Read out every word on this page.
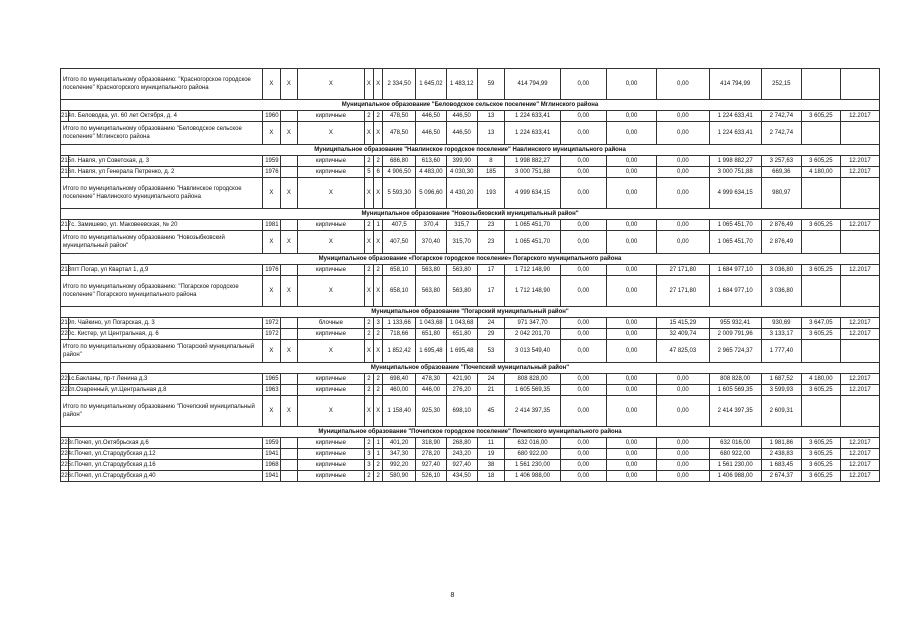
Итого по муниципальному образованию: "Красногорское городское поселение" Красногорского муниципального района		X	X	X	X	X	2 334,50	1 645,02	1 483,12	59	414 794,99	0,00	0,00	0,00	414 794,99	252,15		
Муниципальное образование "Беловодское сельское поселение" Мглинского района																		
214	п. Беловодка, ул. 60 лет Октября, д. 4	1960		кирпичные	2	2	478,50	446,50	446,50	13	1 224 633,41	0,00	0,00	0,00	1 224 633,41	2 742,74	3 605,25	12.2017
Итого по муниципальному образованию "Беловодское сельское поселение" Мглинского района		X	X	X	X	X	478,50	446,50	446,50	13	1 224 633,41	0,00	0,00	0,00	1 224 633,41	2 742,74		
Муниципальное образование "Навлинское городское поселение" Навлинского муниципального района																		
215	п. Навля, ул Советская, д. 3	1959		кирпичные	2	2	686,80	613,60	399,90	8	1 998 882,27	0,00	0,00	0,00	1 998 882,27	3 257,63	3 605,25	12.2017
216	п. Навля, ул Генерала Петренко, д. 2	1976		кирпичные	5	6	4 906,50	4 483,00	4 030,30	185	3 000 751,88	0,00	0,00	0,00	3 000 751,88	669,36	4 180,00	12.2017
Итого по муниципальному образованию "Навлинское городское поселение" Навлинского муниципального района		X	X	X	X	X	5 593,30	5 096,60	4 430,20	193	4 999 634,15	0,00	0,00	0,00	4 999 634,15	980,97		
Муниципальное образование "Новозыбковский муниципальный район"																		
217	с. Замишево, ул. Маковеевская, № 20	1981		кирпичные	2	1	407,5	370,4	315,7	23	1 065 451,70	0,00	0,00	0,00	1 065 451,70	2 876,49	3 605,25	12.2017
Итого по муниципальному образованию "Новозыбковский муниципальный район"		X	X	X	X	X	407,50	370,40	315,70	23	1 065 451,70	0,00	0,00	0,00	1 065 451,70	2 876,49		
Муниципальное образование «Погарское городское поселение» Погарского муниципального района																		
218	пгт Погар, ул Квартал 1, д.9	1976		кирпичные	2	2	658,10	563,80	563,80	17	1 712 148,90	0,00	0,00	27 171,80	1 684 977,10	3 036,80	3 605,25	12.2017
Итого по муниципальному образованию: "Погарское городское поселение" Погарского муниципального района		X	X	X	X	X	658,10	563,80	563,80	17	1 712 148,90	0,00	0,00	27 171,80	1 684 977,10	3 036,80		
Муниципальное образование "Погарский муниципальный район"																		
219	п. Чайкино, ул Погарская, д. 3	1972		блочные	2	3	1 133,66	1 043,68	1 043,68	24	971 347,70	0,00	0,00	15 415,29	955 932,41	930,69	3 647,05	12.2017
220	с. Кистер, ул Центральная, д. 6	1972		кирпичные	2	2	718,66	651,80	651,80	29	2 042 201,70	0,00	0,00	32 409,74	2 009 791,96	3 133,17	3 605,25	12.2017
Итого по муниципальному образованию "Погарский муниципальный район"		X	X	X	X	X	1 852,42	1 695,48	1 695,48	53	3 013 549,40	0,00	0,00	47 825,03	2 965 724,37	1 777,40		
Муниципальное образование "Почепский муниципальный район"																		
221	с.Бакланы, пр-т Ленина д.3	1965		кирпичные	2	2	698,40	478,30	421,90	24	808 828,00	0,00	0,00	0,00	808 828,00	1 687,52	4 180,00	12.2017
222	п.Озаренный, ул.Центральная д.8	1963		кирпичные	2	2	460,00	446,00	276,20	21	1 605 569,35	0,00	0,00	0,00	1 605 569,35	3 599,93	3 605,25	12.2017
Итого по муниципальному образованию "Почепский муниципальный район"		X	X	X	X	X	1 158,40	925,30	698,10	45	2 414 397,35	0,00	0,00	0,00	2 414 397,35	2 609,31		
Муниципальное образование "Почепское городское поселение" Почепского муниципального района																		
223	г.Почеп, ул.Октябрьская д.6	1959		кирпичные	2	1	401,20	318,90	268,80	11	632 016,00	0,00	0,00	0,00	632 016,00	1 981,86	3 605,25	12.2017
224	г.Почеп, ул.Стародубская д.12	1941		кирпичные	3	1	347,30	278,20	243,20	19	680 922,00	0,00	0,00	0,00	680 922,00	2 438,83	3 605,25	12.2017
225	г.Почеп, ул.Стародубская д.16	1968		кирпичные	3	2	992,20	927,40	927,40	38	1 561 230,00	0,00	0,00	0,00	1 561 230,00	1 683,45	3 605,25	12.2017
226	г.Почеп, ул.Стародубская д.40	1941		кирпичные	2	2	580,90	526,10	434,50	18	1 406 988,00	0,00	0,00	0,00	1 406 988,00	2 674,37	3 605,25	12.2017
8
